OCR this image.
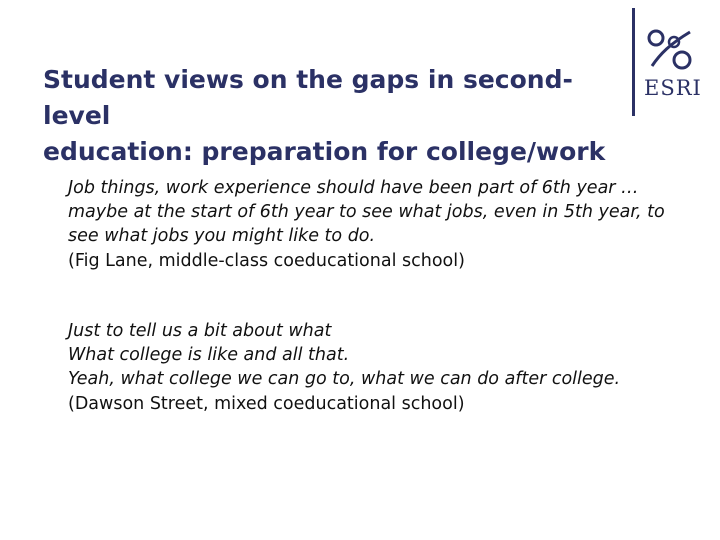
Student views on the gaps in second-level
education: preparation for college/work
ESRI

Job things, work experience should have been part of 6th year …

maybe at the start of 6th year to see what jobs, even in 5th year, to

see what jobs you might like to do.

(Fig Lane, middle-class coeducational school)

Just to tell us a bit about what

What college is like and all that.

Yeah, what college we can go to, what we can do after college.

(Dawson Street, mixed coeducational school)
